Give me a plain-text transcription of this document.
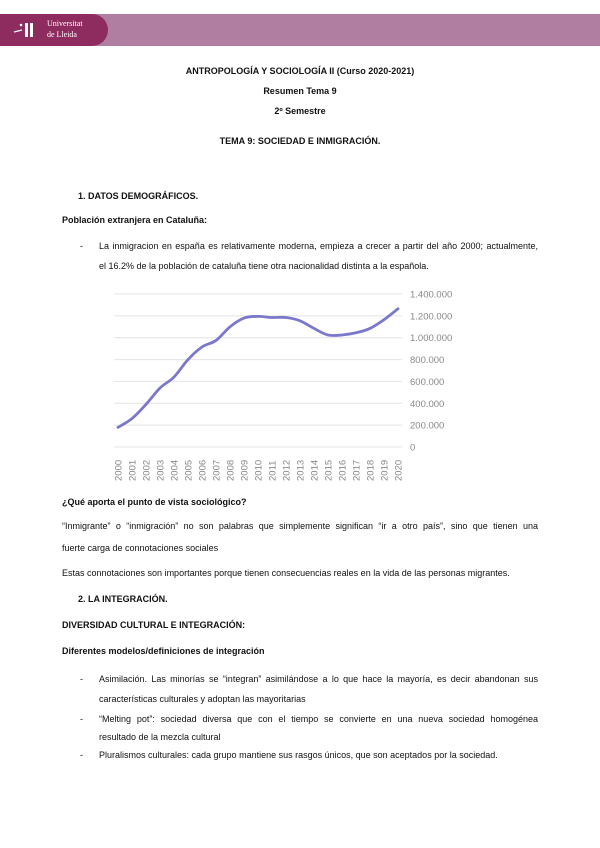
Universitat
de Lleida
ANTROPOLOGÍA Y SOCIOLOGÍA II (Curso 2020-2021)
Resumen Tema 9
2º Semestre
TEMA 9: SOCIEDAD E INMIGRACIÓN.
1. DATOS DEMOGRÁFICOS.
Población extranjera en Cataluña:
- La inmigracion en españa es relativamente moderna, empieza a crecer a partir del año 2000; actualmente,
el 16.2% de la población de cataluña tiene otra nacionalidad distinta a la española.
1.400.000
1.200.000
1.000.000
800.000
600.000
400.000
200.000
0
2000 2001 2002 2003 2004 2005 2006 2007 2008 2009 2010 2011 2012 2013 2014 2015 2016 2017 2018 2019 2020
¿Qué aporta el punto de vista sociológico?
“Inmigrante” o “inmigración” no son palabras que simplemente significan “ir a otro país”, sino que tienen una
fuerte carga de connotaciones sociales
Estas connotaciones son importantes porque tienen consecuencias reales en la vida de las personas migrantes.
2. LA INTEGRACIÓN.
DIVERSIDAD CULTURAL E INTEGRACIÓN:
Diferentes modelos/definiciones de integración
- Asimilación. Las minorías se “integran” asimilándose a lo que hace la mayoría, es decir abandonan sus
características culturales y adoptan las mayoritarias
- “Melting pot”: sociedad diversa que con el tiempo se convierte en una nueva sociedad homogénea
resultado de la mezcla cultural
- Pluralismos culturales: cada grupo mantiene sus rasgos únicos, que son aceptados por la sociedad.
